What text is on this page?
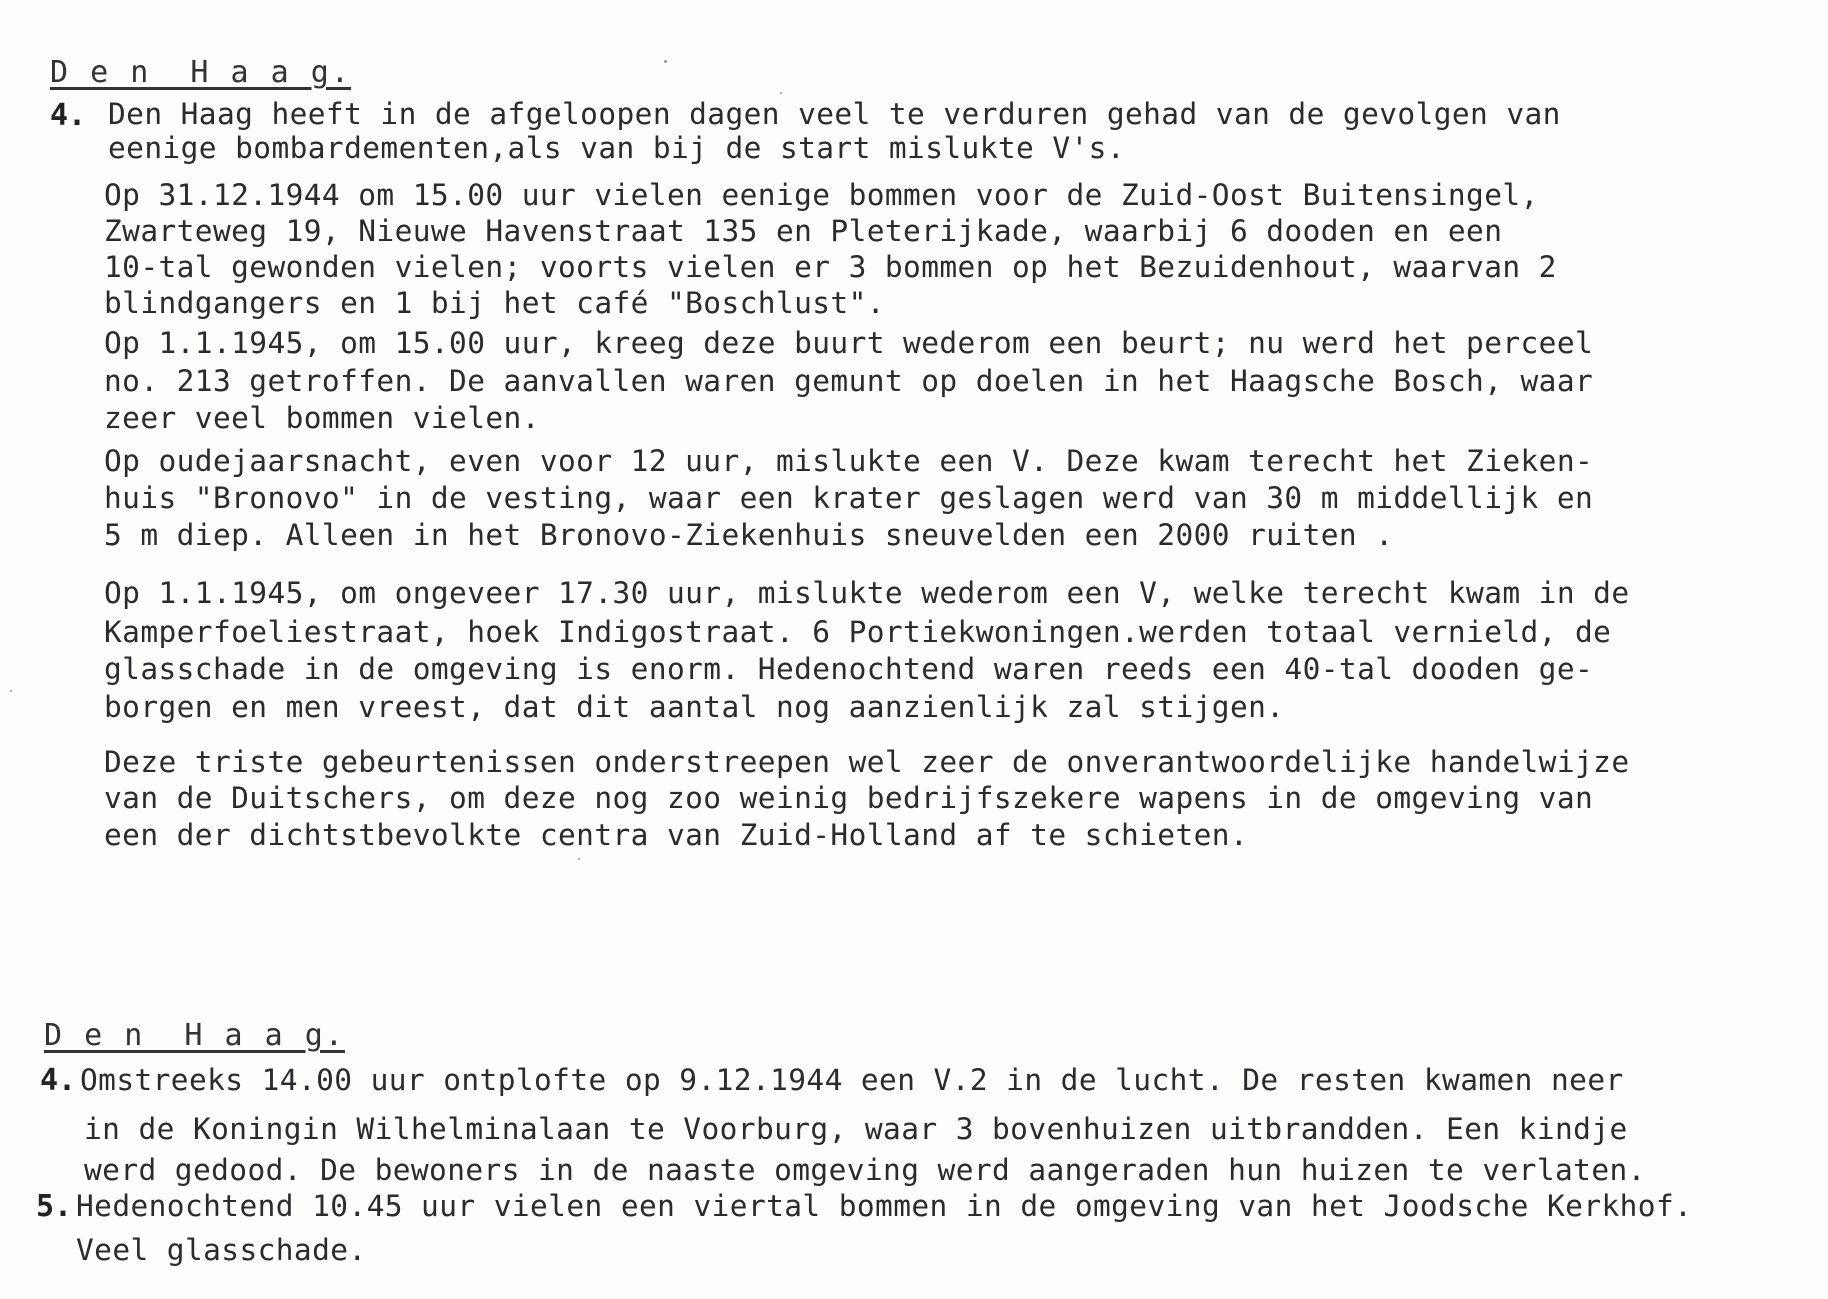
D_e_n_ H_a_a_g.
4. Den Haag heeft in de afgeloopen dagen veel te verduren gehad van de gevolgen van
eenige bombardementen,als van bij de start mislukte V's.
Op 31.12.1944 om 15.00 uur vielen eenige bommen voor de Zuid-Oost Buitensingel,
Zwarteweg 19, Nieuwe Havenstraat 135 en Pleterijkade, waarbij 6 dooden en een
10-tal gewonden vielen; voorts vielen er 3 bommen op het Bezuidenhout, waarvan 2
blindgangers en 1 bij het café "Boschlust".
Op 1.1.1945, om 15.00 uur, kreeg deze buurt wederom een beurt; nu werd het perceel
no. 213 getroffen. De aanvallen waren gemunt op doelen in het Haagsche Bosch, waar
zeer veel bommen vielen.
Op oudejaarsnacht, even voor 12 uur, mislukte een V. Deze kwam terecht het Zieken-
huis "Bronovo" in de vesting, waar een krater geslagen werd van 30 m middellijk en
5 m diep. Alleen in het Bronovo-Ziekenhuis sneuvelden een 2000 ruiten .
Op 1.1.1945, om ongeveer 17.30 uur, mislukte wederom een V, welke terecht kwam in de
Kamperfoeliestraat, hoek Indigostraat. 6 Portiekwoningen.werden totaal vernield, de
glasschade in de omgeving is enorm. Hedenochtend waren reeds een 40-tal dooden ge-
borgen en men vreest, dat dit aantal nog aanzienlijk zal stijgen.
Deze triste gebeurtenissen onderstreepen wel zeer de onverantwoordelijke handelwijze
van de Duitschers, om deze nog zoo weinig bedrijfszekere wapens in de omgeving van
een der dichtstbevolkte centra van Zuid-Holland af te schieten.
D_e_n_ H_a_a_g.
4. Omstreeks 14.00 uur ontplofte op 9.12.1944 een V.2 in de lucht. De resten kwamen neer
in de Koningin Wilhelminalaan te Voorburg, waar 3 bovenhuizen uitbrandden. Een kindje
werd gedood. De bewoners in de naaste omgeving werd aangeraden hun huizen te verlaten.
5. Hedenochtend 10.45 uur vielen een viertal bommen in de omgeving van het Joodsche Kerkhof.
Veel glasschade.
